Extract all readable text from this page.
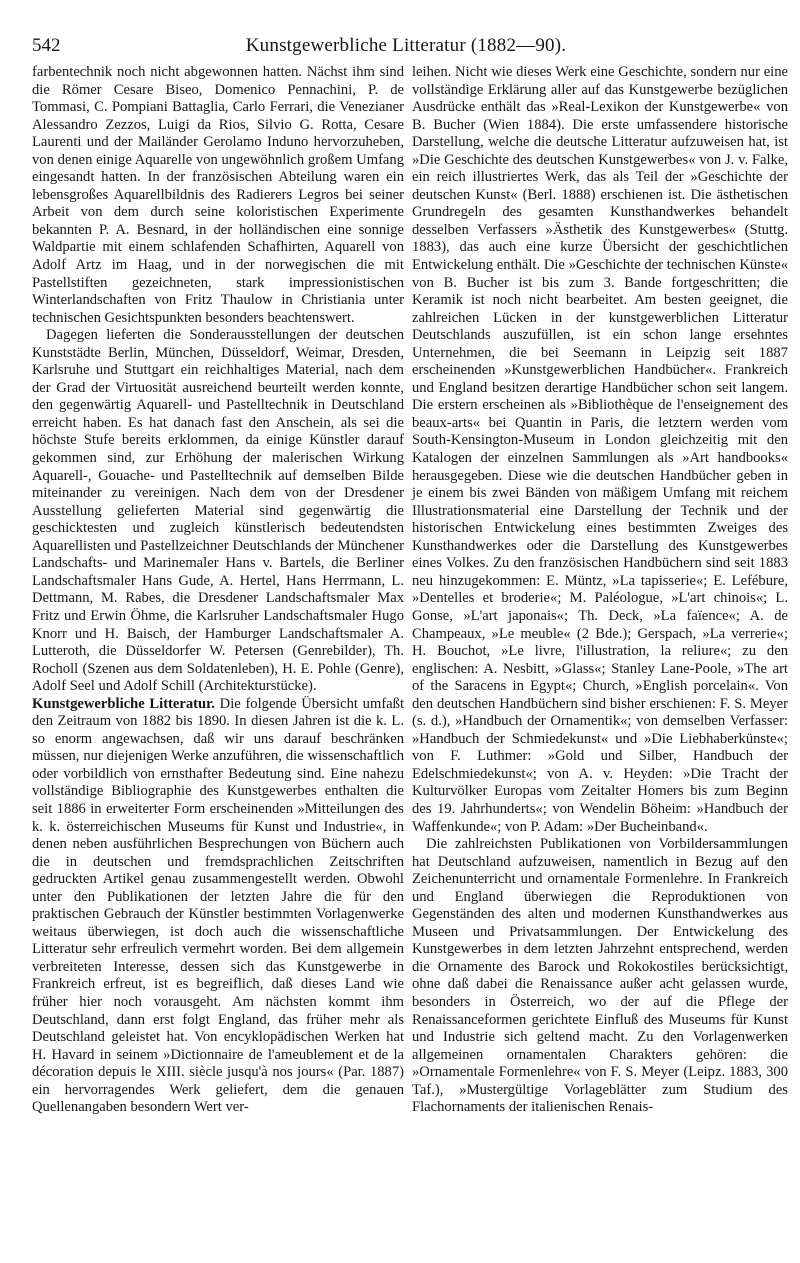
542	Kunstgewerbliche Litteratur (1882—90).

farbentechnik noch nicht abgewonnen hatten. Nächst ihm sind die Römer Cesare Biseo, Domenico Pennachini, P. de Tommasi, C. Pompiani Battaglia, Carlo Ferrari, die Venezianer Alessandro Zezzos, Luigi da Rios, Silvio G. Rotta, Cesare Laurenti und der Mailänder Gerolamo Induno hervorzuheben, von denen einige Aquarelle von ungewöhnlich großem Umfang eingesandt hatten. In der französischen Abteilung waren ein lebensgroßes Aquarellbildnis des Radierers Legros bei seiner Arbeit von dem durch seine koloristischen Experimente bekannten P. A. Besnard, in der holländischen eine sonnige Waldpartie mit einem schlafenden Schafhirten, Aquarell von Adolf Artz im Haag, und in der norwegischen die mit Pastellstiften gezeichneten, stark impressionistischen Winterlandschaften von Fritz Thaulow in Christiania unter technischen Gesichtspunkten besonders beachtenswert.

Dagegen lieferten die Sonderausstellungen der deutschen Kunststädte Berlin, München, Düsseldorf, Weimar, Dresden, Karlsruhe und Stuttgart ein reichhaltiges Material, nach dem der Grad der Virtuosität ausreichend beurteilt werden konnte, den gegenwärtig Aquarell- und Pastelltechnik in Deutschland erreicht haben. Es hat danach fast den Anschein, als sei die höchste Stufe bereits erklommen, da einige Künstler darauf gekommen sind, zur Erhöhung der malerischen Wirkung Aquarell-, Gouache- und Pastelltechnik auf demselben Bilde miteinander zu vereinigen. Nach dem von der Dresdener Ausstellung gelieferten Material sind gegenwärtig die geschicktesten und zugleich künstlerisch bedeutendsten Aquarellisten und Pastellzeichner Deutschlands der Münchener Landschafts- und Marinemaler Hans v. Bartels, die Berliner Landschaftsmaler Hans Gude, A. Hertel, Hans Herrmann, L. Dettmann, M. Rabes, die Dresdener Landschaftsmaler Max Fritz und Erwin Öhme, die Karlsruher Landschaftsmaler Hugo Knorr und H. Baisch, der Hamburger Landschaftsmaler A. Lutteroth, die Düsseldorfer W. Petersen (Genrebilder), Th. Rocholl (Szenen aus dem Soldatenleben), H. E. Pohle (Genre), Adolf Seel und Adolf Schill (Architekturstücke).

Kunstgewerbliche Litteratur. Die folgende Übersicht umfaßt den Zeitraum von 1882 bis 1890. In diesen Jahren ist die k. L. so enorm angewachsen, daß wir uns darauf beschränken müssen, nur diejenigen Werke anzuführen, die wissenschaftlich oder vorbildlich von ernsthafter Bedeutung sind. Eine nahezu vollständige Bibliographie des Kunstgewerbes enthalten die seit 1886 in erweiterter Form erscheinenden »Mitteilungen des k. k. österreichischen Museums für Kunst und Industrie«, in denen neben ausführlichen Besprechungen von Büchern auch die in deutschen und fremdsprachlichen Zeitschriften gedruckten Artikel genau zusammengestellt werden. Obwohl unter den Publikationen der letzten Jahre die für den praktischen Gebrauch der Künstler bestimmten Vorlagenwerke weitaus überwiegen, ist doch auch die wissenschaftliche Litteratur sehr erfreulich vermehrt worden. Bei dem allgemein verbreiteten Interesse, dessen sich das Kunstgewerbe in Frankreich erfreut, ist es begreiflich, daß dieses Land wie früher hier noch vorausgeht. Am nächsten kommt ihm Deutschland, dann erst folgt England, das früher mehr als Deutschland geleistet hat. Von encyklopädischen Werken hat H. Havard in seinem »Dictionnaire de l'ameublement et de la décoration depuis le XIII. siècle jusqu'à nos jours« (Par. 1887) ein hervorragendes Werk geliefert, dem die genauen Quellenangaben besondern Wert ver-

leihen. Nicht wie dieses Werk eine Geschichte, sondern nur eine vollständige Erklärung aller auf das Kunstgewerbe bezüglichen Ausdrücke enthält das »Real-Lexikon der Kunstgewerbe« von B. Bucher (Wien 1884). Die erste umfassendere historische Darstellung, welche die deutsche Litteratur aufzuweisen hat, ist »Die Geschichte des deutschen Kunstgewerbes« von J. v. Falke, ein reich illustriertes Werk, das als Teil der »Geschichte der deutschen Kunst« (Berl. 1888) erschienen ist. Die ästhetischen Grundregeln des gesamten Kunsthandwerkes behandelt desselben Verfassers »Ästhetik des Kunstgewerbes« (Stuttg. 1883), das auch eine kurze Übersicht der geschichtlichen Entwickelung enthält. Die »Geschichte der technischen Künste« von B. Bucher ist bis zum 3. Bande fortgeschritten; die Keramik ist noch nicht bearbeitet. Am besten geeignet, die zahlreichen Lücken in der kunstgewerblichen Litteratur Deutschlands auszufüllen, ist ein schon lange ersehntes Unternehmen, die bei Seemann in Leipzig seit 1887 erscheinenden »Kunstgewerblichen Handbücher«. Frankreich und England besitzen derartige Handbücher schon seit langem. Die erstern erscheinen als »Bibliothèque de l'enseignement des beaux-arts« bei Quantin in Paris, die letztern werden vom South-Kensington-Museum in London gleichzeitig mit den Katalogen der einzelnen Sammlungen als »Art handbooks« herausgegeben. Diese wie die deutschen Handbücher geben in je einem bis zwei Bänden von mäßigem Umfang mit reichem Illustrationsmaterial eine Darstellung der Technik und der historischen Entwickelung eines bestimmten Zweiges des Kunsthandwerkes oder die Darstellung des Kunstgewerbes eines Volkes. Zu den französischen Handbüchern sind seit 1883 neu hinzugekommen: E. Müntz, »La tapisserie«; E. Lefébure, »Dentelles et broderie«; M. Paléologue, »L'art chinois«; L. Gonse, »L'art japonais«; Th. Deck, »La faïence«; A. de Champeaux, »Le meuble« (2 Bde.); Gerspach, »La verrerie«; H. Bouchot, »Le livre, l'illustration, la reliure«; zu den englischen: A. Nesbitt, »Glass«; Stanley Lane-Poole, »The art of the Saracens in Egypt«; Church, »English porcelain«. Von den deutschen Handbüchern sind bisher erschienen: F. S. Meyer (s. d.), »Handbuch der Ornamentik«; von demselben Verfasser: »Handbuch der Schmiedekunst« und »Die Liebhaberkünste«; von F. Luthmer: »Gold und Silber, Handbuch der Edelschmiedekunst«; von A. v. Heyden: »Die Tracht der Kulturvölker Europas vom Zeitalter Homers bis zum Beginn des 19. Jahrhunderts«; von Wendelin Böheim: »Handbuch der Waffenkunde«; von P. Adam: »Der Bucheinband«.

Die zahlreichsten Publikationen von Vorbildersammlungen hat Deutschland aufzuweisen, namentlich in Bezug auf den Zeichenunterricht und ornamentale Formenlehre. In Frankreich und England überwiegen die Reproduktionen von Gegenständen des alten und modernen Kunsthandwerkes aus Museen und Privatsammlungen. Der Entwickelung des Kunstgewerbes in dem letzten Jahrzehnt entsprechend, werden die Ornamente des Barock und Rokokostiles berücksichtigt, ohne daß dabei die Renaissance außer acht gelassen wurde, besonders in Österreich, wo der auf die Pflege der Renaissanceformen gerichtete Einfluß des Museums für Kunst und Industrie sich geltend macht. Zu den Vorlagenwerken allgemeinen ornamentalen Charakters gehören: die »Ornamentale Formenlehre« von F. S. Meyer (Leipz. 1883, 300 Taf.), »Mustergültige Vorlageblätter zum Studium des Flachornaments der italienischen Renais-
